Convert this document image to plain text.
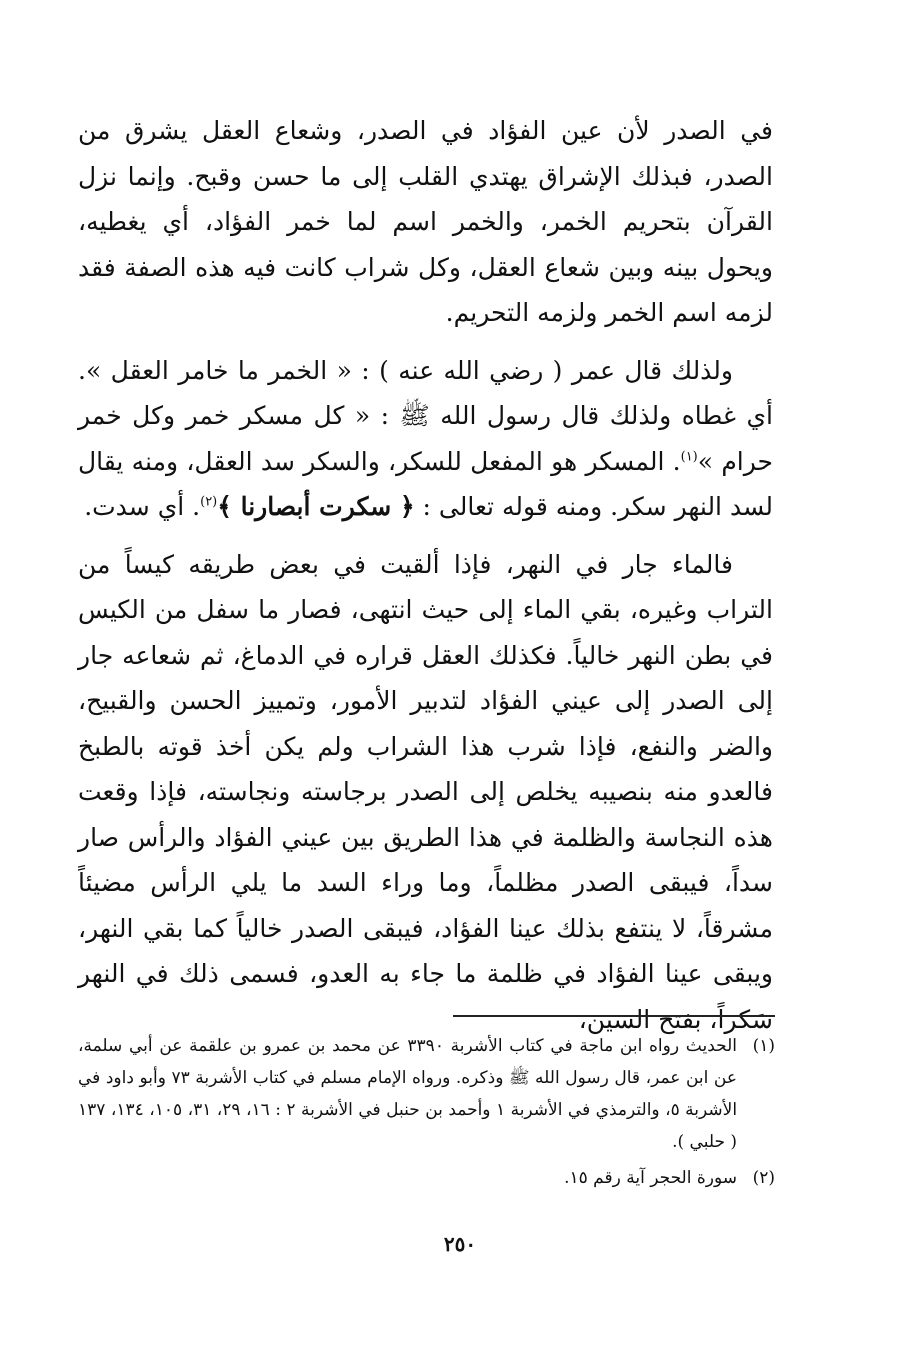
في الصدر لأن عين الفؤاد في الصدر، وشعاع العقل يشرق من الصدر، فبذلك الإشراق يهتدي القلب إلى ما حسن وقبح. وإنما نزل القرآن بتحريم الخمر، والخمر اسم لما خمر الفؤاد، أي يغطيه، ويحول بينه وبين شعاع العقل، وكل شراب كانت فيه هذه الصفة فقد لزمه اسم الخمر ولزمه التحريم.

ولذلك قال عمر ( رضي الله عنه ) : « الخمر ما خامر العقل ». أي غطاه ولذلك قال رسول الله ﷺ : « كل مسكر خمر وكل خمر حرام »$^{(١)}$. المسكر هو المفعل للسكر، والسكر سد العقل، ومنه يقال لسد النهر سكر. ومنه قوله تعالى : ﴿ سكرت أبصارنا ﴾$^{(٢)}$. أي سدت.

فالماء جار في النهر، فإذا ألقيت في بعض طريقه كيساً من التراب وغيره، بقي الماء إلى حيث انتهى، فصار ما سفل من الكيس في بطن النهر خالياً. فكذلك العقل قراره في الدماغ، ثم شعاعه جار إلى الصدر إلى عيني الفؤاد لتدبير الأمور، وتمييز الحسن والقبيح، والضر والنفع، فإذا شرب هذا الشراب ولم يكن أخذ قوته بالطبخ فالعدو منه بنصيبه يخلص إلى الصدر برجاسته ونجاسته، فإذا وقعت هذه النجاسة والظلمة في هذا الطريق بين عيني الفؤاد والرأس صار سداً، فيبقى الصدر مظلماً، وما وراء السد ما يلي الرأس مضيئاً مشرقاً، لا ينتفع بذلك عينا الفؤاد، فيبقى الصدر خالياً كما بقي النهر، ويبقى عينا الفؤاد في ظلمة ما جاء به العدو، فسمى ذلك في النهر سَكراً، بفتح السين،

(١)
الحديث رواه ابن ماجة في كتاب الأشربة ٣٣٩٠ عن محمد بن عمرو بن علقمة عن أبي سلمة، عن ابن عمر، قال رسول الله ﷺ وذكره. ورواه الإمام مسلم في كتاب الأشربة ٧٣ وأبو داود في الأشربة ٥، والترمذي في الأشربة ١ وأحمد بن حنبل في الأشربة ٢ : ١٦، ٢٩، ٣١، ١٠٥، ١٣٤، ١٣٧ ( حلبي ).

(٢)
سورة الحجر آية رقم ١٥.

٢٥٠
